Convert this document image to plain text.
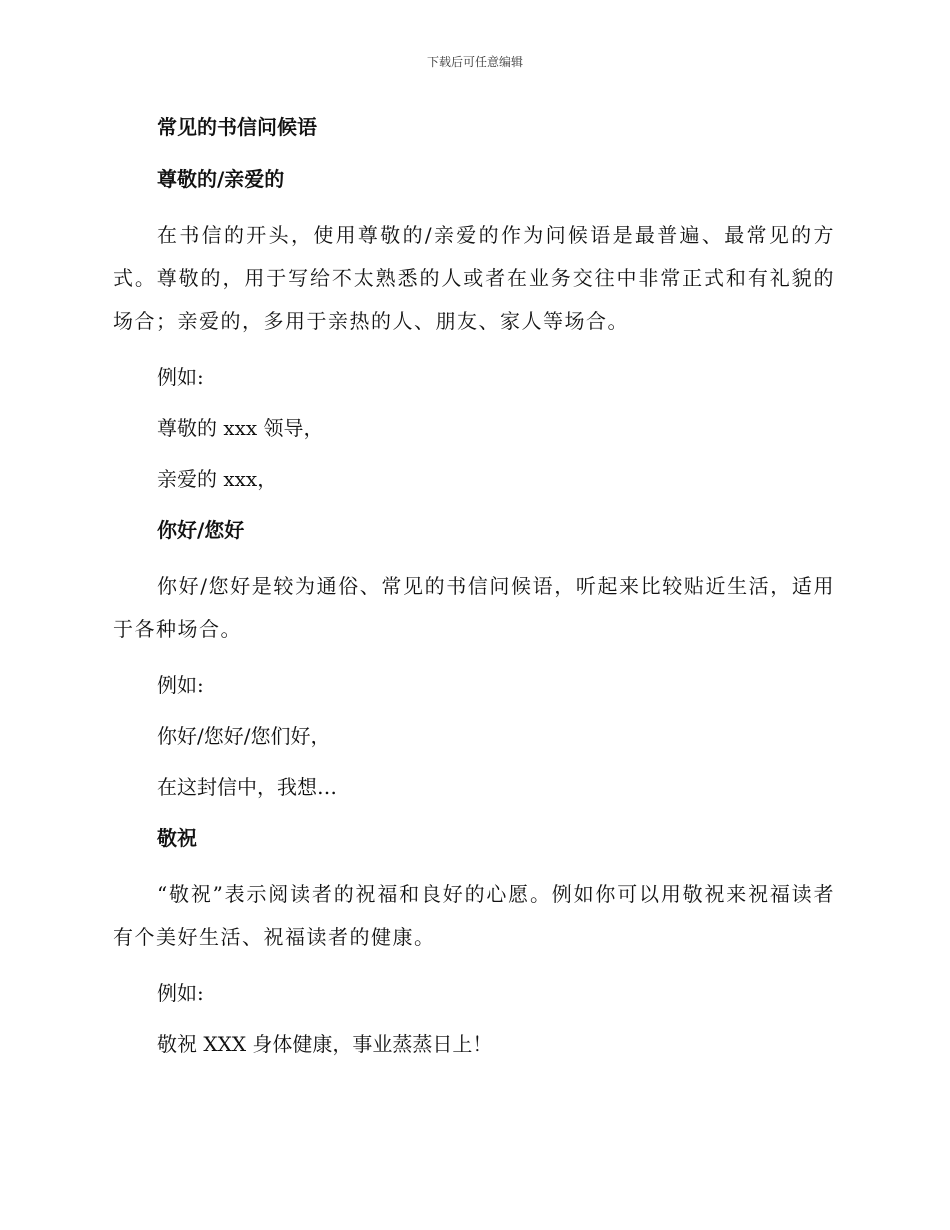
下载后可任意编辑
常见的书信问候语
尊敬的/亲爱的

在书信的开头，使用尊敬的/亲爱的作为问候语是最普遍、最常见的方式。尊敬的，用于写给不太熟悉的人或者在业务交往中非常正式和有礼貌的场合；亲爱的，多用于亲热的人、朋友、家人等场合。

例如:
尊敬的 xxx 领导，
亲爱的 xxx，
你好/您好

你好/您好是较为通俗、常见的书信问候语，听起来比较贴近生活，适用于各种场合。

例如:
你好/您好/您们好，
在这封信中，我想…
敬祝

“敬祝”表示阅读者的祝福和良好的心愿。例如你可以用敬祝来祝福读者有个美好生活、祝福读者的健康。

例如:
敬祝 XXX 身体健康，事业蒸蒸日上！
